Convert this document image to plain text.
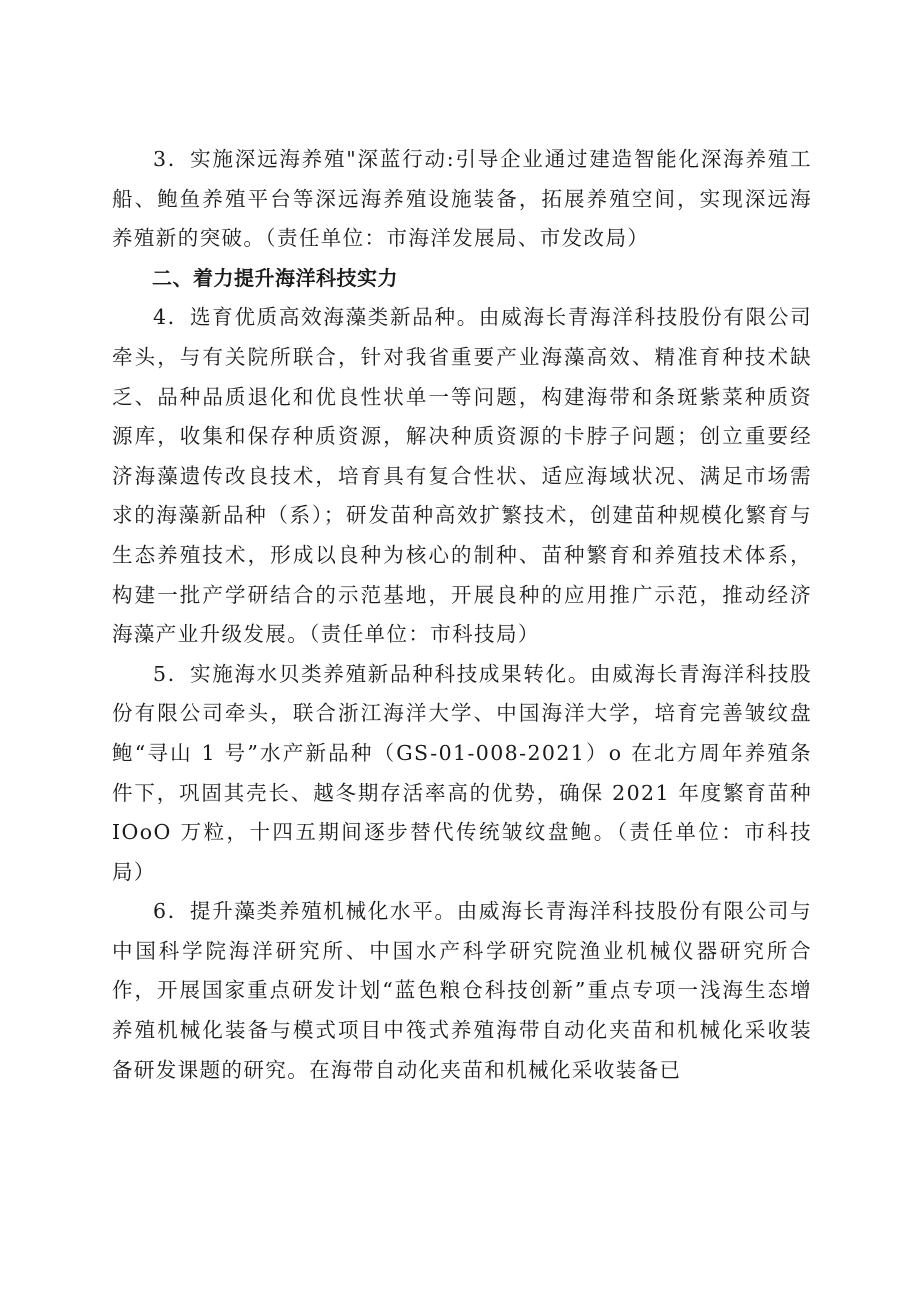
3．实施深远海养殖"深蓝行动:引导企业通过建造智能化深海养殖工船、鲍鱼养殖平台等深远海养殖设施装备，拓展养殖空间，实现深远海养殖新的突破。（责任单位：市海洋发展局、市发改局）

二、着力提升海洋科技实力

4．选育优质高效海藻类新品种。由威海长青海洋科技股份有限公司牵头，与有关院所联合，针对我省重要产业海藻高效、精准育种技术缺乏、品种品质退化和优良性状单一等问题，构建海带和条斑紫菜种质资源库，收集和保存种质资源，解决种质资源的卡脖子问题；创立重要经济海藻遗传改良技术，培育具有复合性状、适应海域状况、满足市场需求的海藻新品种（系）；研发苗种高效扩繁技术，创建苗种规模化繁育与生态养殖技术，形成以良种为核心的制种、苗种繁育和养殖技术体系，构建一批产学研结合的示范基地，开展良种的应用推广示范，推动经济海藻产业升级发展。（责任单位：市科技局）

5．实施海水贝类养殖新品种科技成果转化。由威海长青海洋科技股份有限公司牵头，联合浙江海洋大学、中国海洋大学，培育完善皱纹盘鲍“寻山 1 号”水产新品种（GS-01-008-2021）o 在北方周年养殖条件下，巩固其壳长、越冬期存活率高的优势，确保 2021 年度繁育苗种 IOoO 万粒，十四五期间逐步替代传统皱纹盘鲍。（责任单位：市科技局）

6．提升藻类养殖机械化水平。由威海长青海洋科技股份有限公司与中国科学院海洋研究所、中国水产科学研究院渔业机械仪器研究所合作，开展国家重点研发计划“蓝色粮仓科技创新”重点专项一浅海生态增养殖机械化装备与模式项目中筏式养殖海带自动化夹苗和机械化采收装备研发课题的研究。在海带自动化夹苗和机械化采收装备已
